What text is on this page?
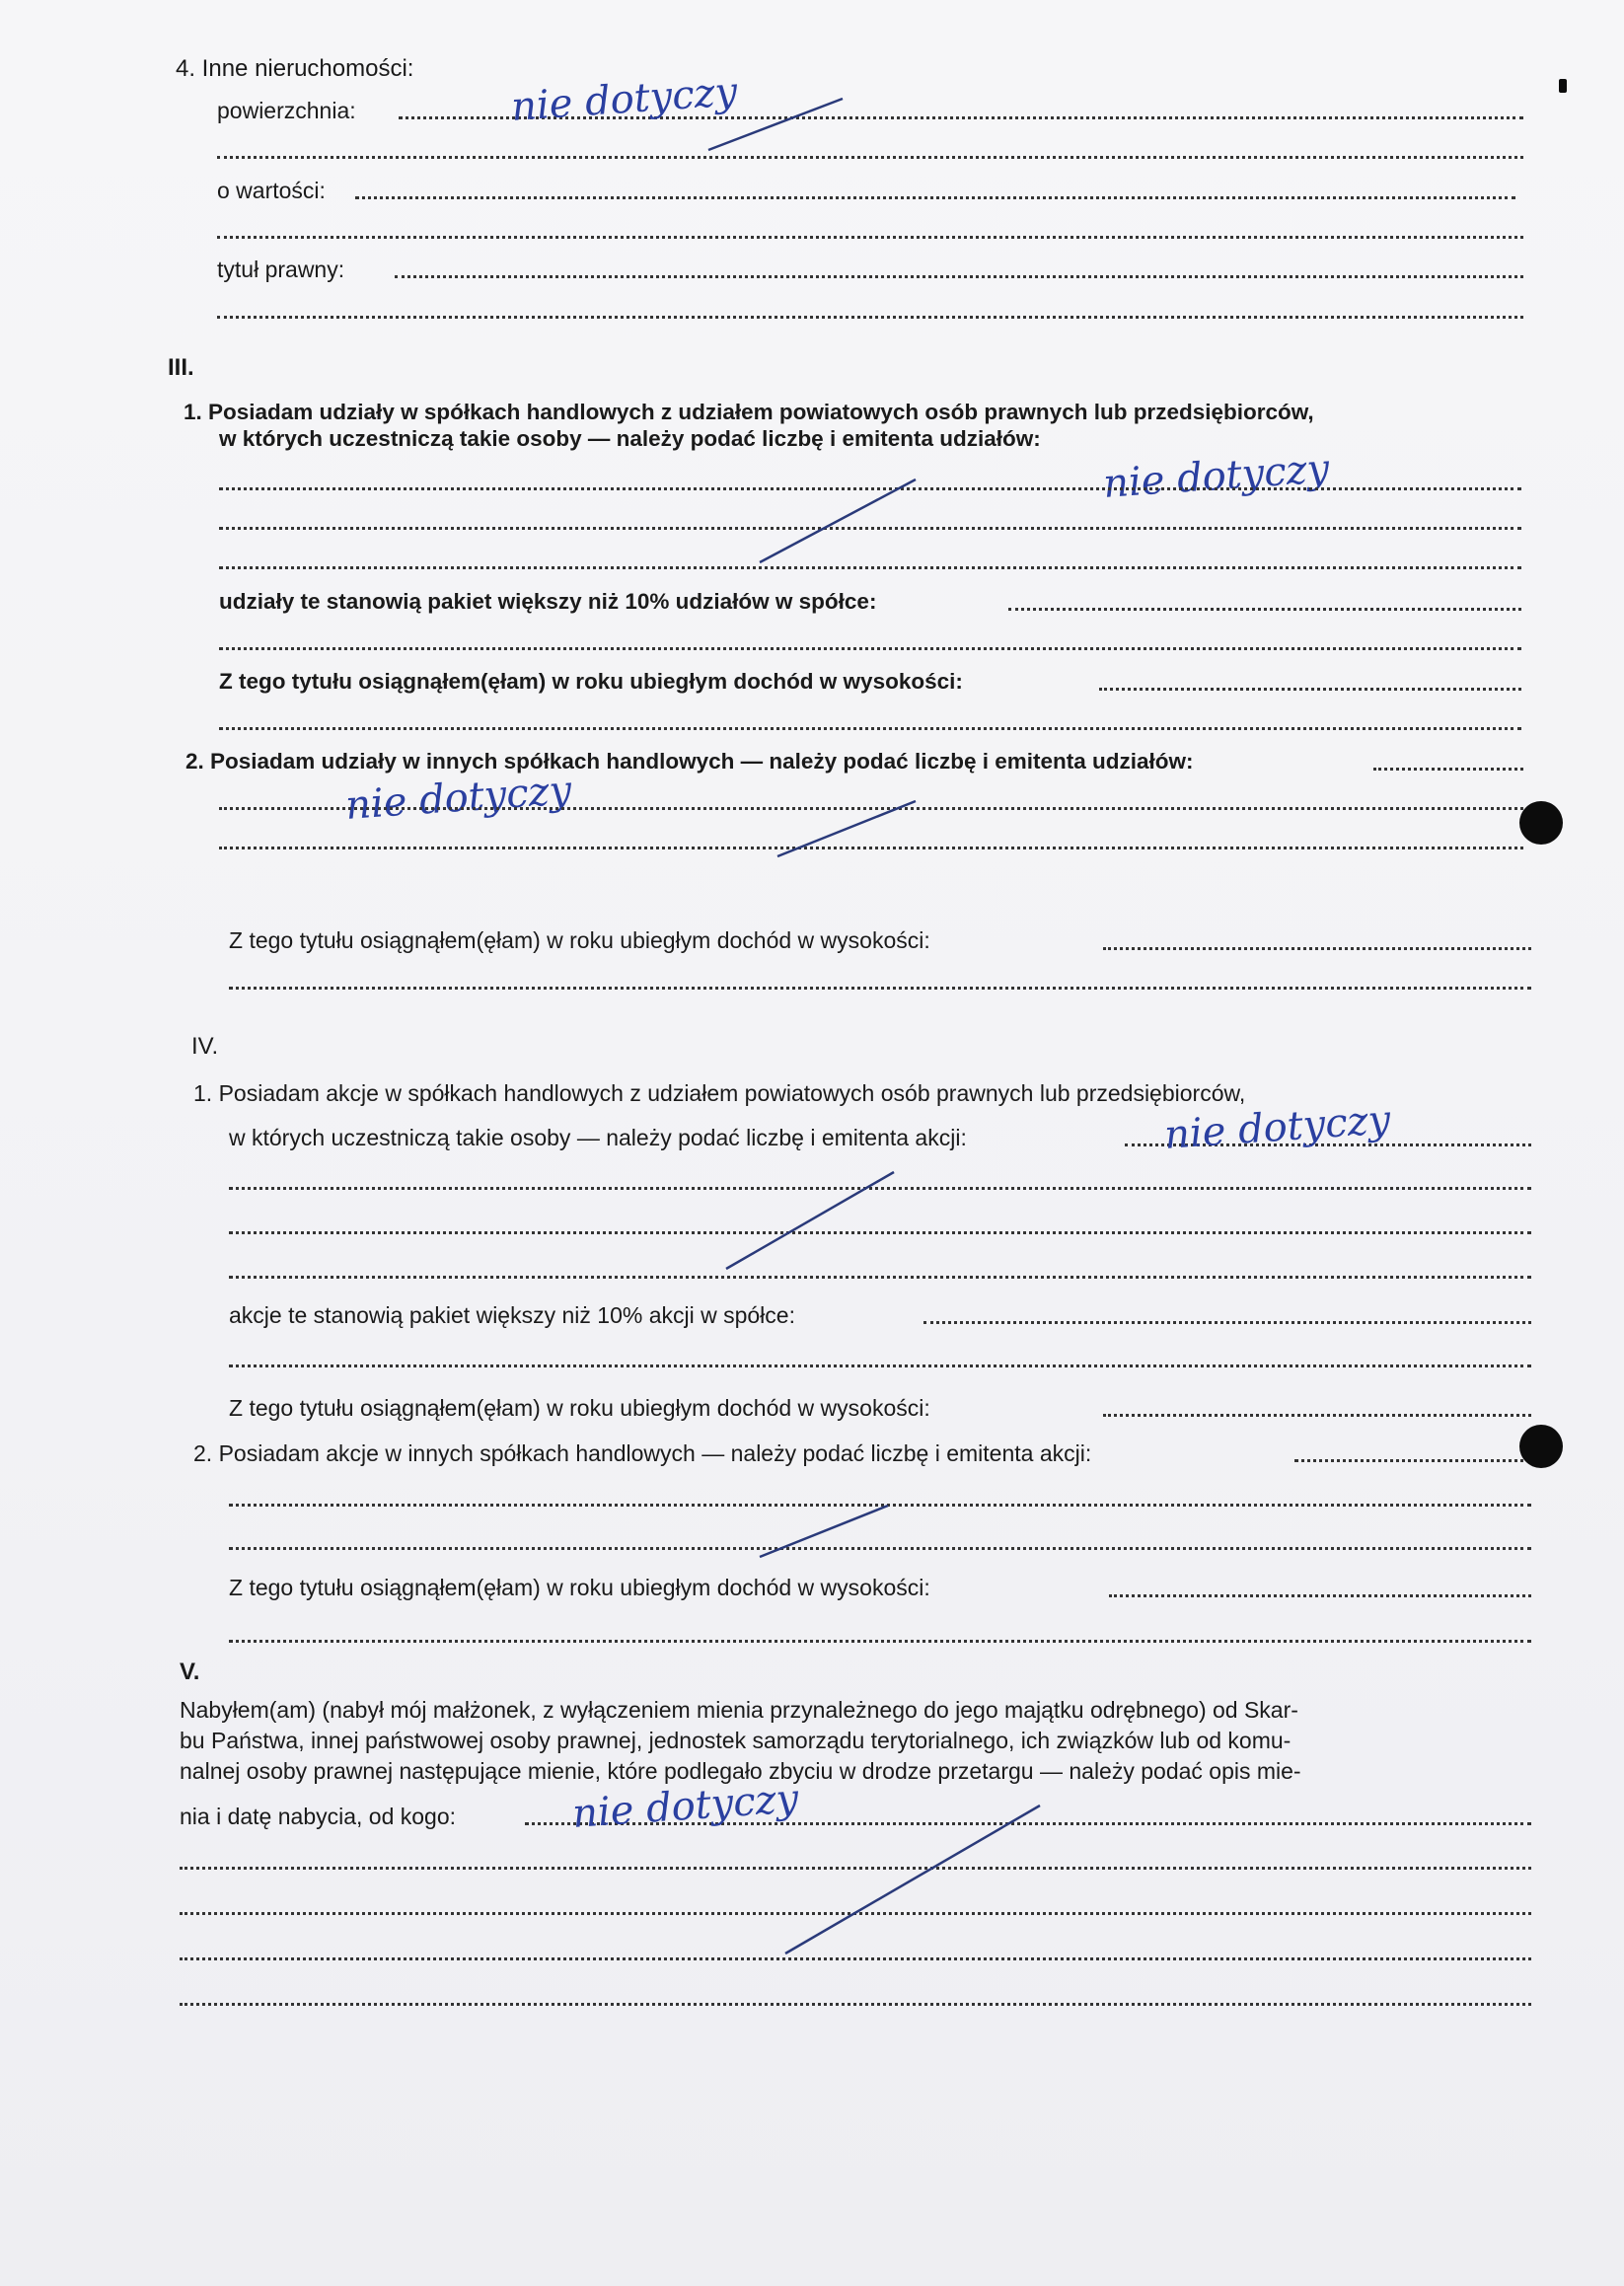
4. Inne nieruchomości:
powierzchnia:	nie dotyczy
o wartości:
tytuł prawny:
III.
1. Posiadam udziały w spółkach handlowych z udziałem powiatowych osób prawnych lub przedsiębiorców,
w których uczestniczą takie osoby — należy podać liczbę i emitenta udziałów:
nie dotyczy
udziały te stanowią pakiet większy niż 10% udziałów w spółce:
Z tego tytułu osiągnąłem(ęłam) w roku ubiegłym dochód w wysokości:
2. Posiadam udziały w innych spółkach handlowych — należy podać liczbę i emitenta udziałów:
nie dotyczy
Z tego tytułu osiągnąłem(ęłam) w roku ubiegłym dochód w wysokości:
IV.
1. Posiadam akcje w spółkach handlowych z udziałem powiatowych osób prawnych lub przedsiębiorców,
w których uczestniczą takie osoby — należy podać liczbę i emitenta akcji:	nie dotyczy
akcje te stanowią pakiet większy niż 10% akcji w spółce:
Z tego tytułu osiągnąłem(ęłam) w roku ubiegłym dochód w wysokości:
2. Posiadam akcje w innych spółkach handlowych — należy podać liczbę i emitenta akcji:
Z tego tytułu osiągnąłem(ęłam) w roku ubiegłym dochód w wysokości:
V.
Nabyłem(am) (nabył mój małżonek, z wyłączeniem mienia przynależnego do jego majątku odrębnego) od Skar-
bu Państwa, innej państwowej osoby prawnej, jednostek samorządu terytorialnego, ich związków lub od komu-
nalnej osoby prawnej następujące mienie, które podlegało zbyciu w drodze przetargu — należy podać opis mie-
nia i datę nabycia, od kogo:	nie dotyczy
